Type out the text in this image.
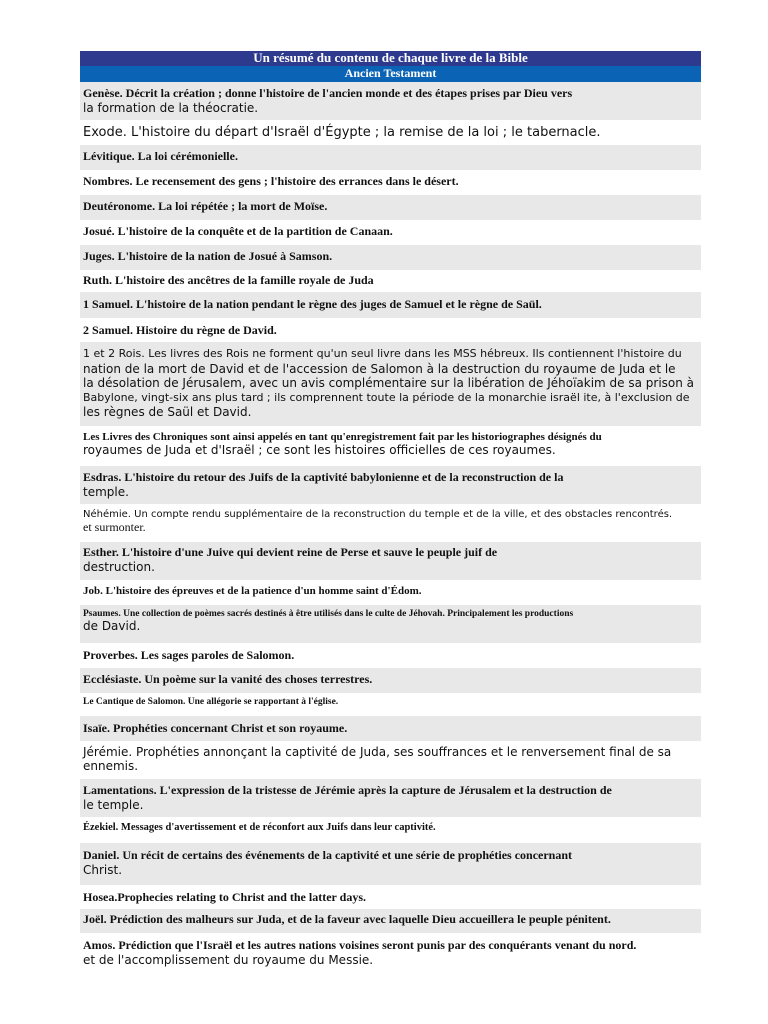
Un résumé du contenu de chaque livre de la Bible
Ancien Testament
Genèse. Décrit la création ; donne l'histoire de l'ancien monde et des étapes prises par Dieu vers
la formation de la théocratie.
Exode. L'histoire du départ d'Israël d'Égypte ; la remise de la loi ; le tabernacle.
Lévitique. La loi cérémonielle.
Nombres. Le recensement des gens ; l'histoire des errances dans le désert.
Deutéronome. La loi répétée ; la mort de Moïse.
Josué. L'histoire de la conquête et de la partition de Canaan.
Juges. L'histoire de la nation de Josué à Samson.
Ruth. L'histoire des ancêtres de la famille royale de Juda
1 Samuel. L'histoire de la nation pendant le règne des juges de Samuel et le règne de Saül.
2 Samuel. Histoire du règne de David.
1 et 2 Rois. Les livres des Rois ne forment qu'un seul livre dans les MSS hébreux. Ils contiennent l'histoire du
nation de la mort de David et de l'accession de Salomon à la destruction du royaume de Juda et le
la désolation de Jérusalem, avec un avis complémentaire sur la libération de Jéhoïakim de sa prison à
Babylone, vingt-six ans plus tard ; ils comprennent toute la période de la monarchie israël ite, à l'exclusion de
les règnes de Saül et David.
Les Livres des Chroniques sont ainsi appelés en tant qu'enregistrement fait par les historiographes désignés du
royaumes de Juda et d'Israël ; ce sont les histoires officielles de ces royaumes.
Esdras. L'histoire du retour des Juifs de la captivité babylonienne et de la reconstruction de la
temple.
Néhémie. Un compte rendu supplémentaire de la reconstruction du temple et de la ville, et des obstacles rencontrés.
et surmonter.
Esther. L'histoire d'une Juive qui devient reine de Perse et sauve le peuple juif de
destruction.
Job. L'histoire des épreuves et de la patience d'un homme saint d'Édom.
Psaumes. Une collection de poèmes sacrés destinés à être utilisés dans le culte de Jéhovah. Principalement les productions
de David.
Proverbes. Les sages paroles de Salomon.
Ecclésiaste. Un poème sur la vanité des choses terrestres.
Le Cantique de Salomon. Une allégorie se rapportant à l'église.
Isaïe. Prophéties concernant Christ et son royaume.
Jérémie. Prophéties annonçant la captivité de Juda, ses souffrances et le renversement final de sa
ennemis.
Lamentations. L'expression de la tristesse de Jérémie après la capture de Jérusalem et la destruction de
le temple.
Ézekiel. Messages d'avertissement et de réconfort aux Juifs dans leur captivité.
Daniel. Un récit de certains des événements de la captivité et une série de prophéties concernant
Christ.
Hosea.Prophecies relating to Christ and the latter days.
Joël. Prédiction des malheurs sur Juda, et de la faveur avec laquelle Dieu accueillera le peuple pénitent.
Amos. Prédiction que l'Israël et les autres nations voisines seront punis par des conquérants venant du nord.
et de l'accomplissement du royaume du Messie.
